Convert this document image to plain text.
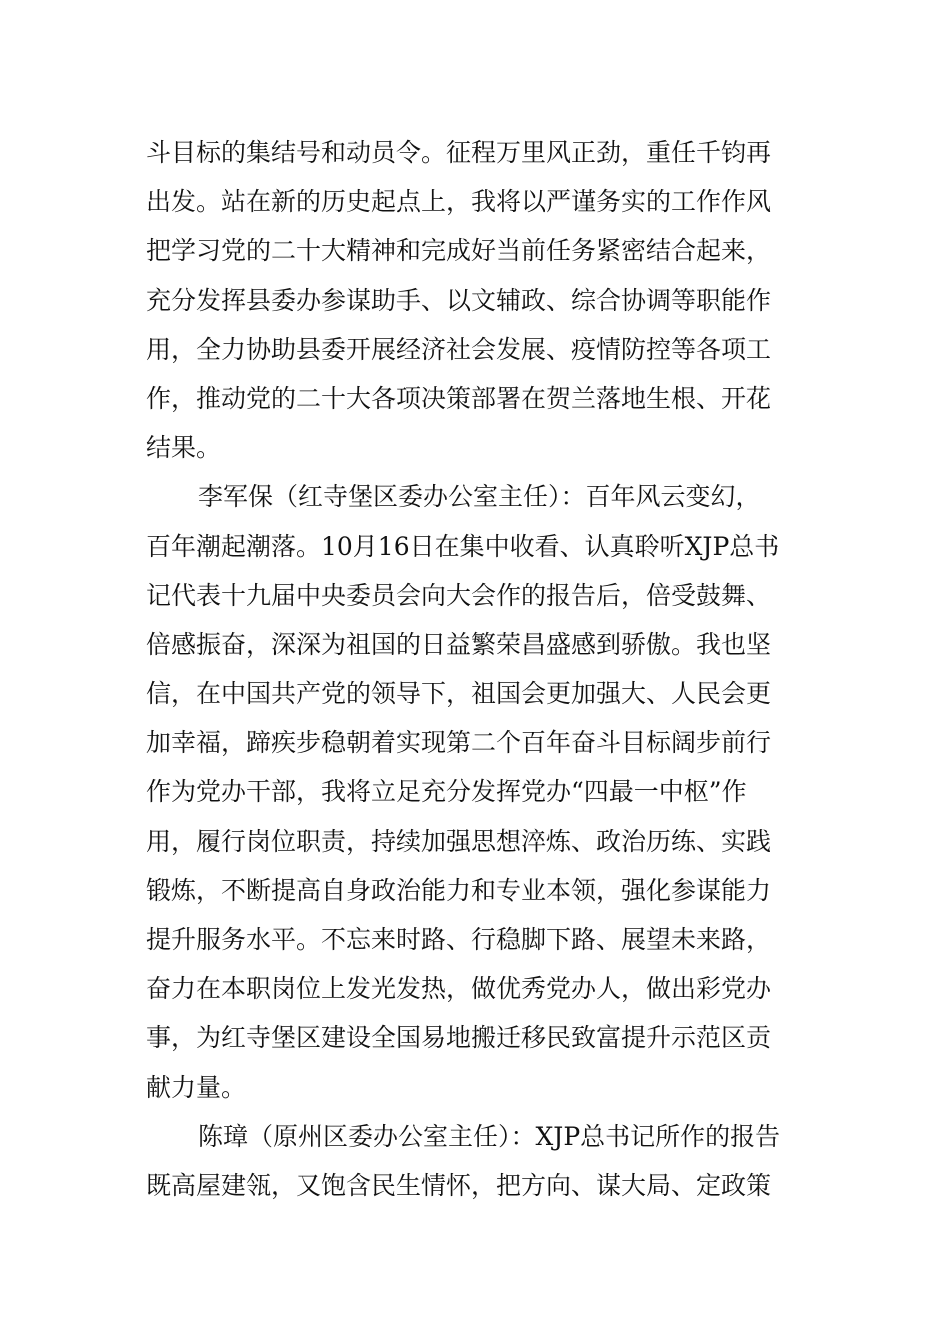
斗目标的集结号和动员令。征程万里风正劲，重任千钧再

出发。站在新的历史起点上，我将以严谨务实的工作作风

把学习党的二十大精神和完成好当前任务紧密结合起来，

充分发挥县委办参谋助手、以文辅政、综合协调等职能作

用，全力协助县委开展经济社会发展、疫情防控等各项工

作，推动党的二十大各项决策部署在贺兰落地生根、开花

结果。

李军保（红寺堡区委办公室主任）：百年风云变幻，

百年潮起潮落。10月16日在集中收看、认真聆听XJP总书

记代表十九届中央委员会向大会作的报告后，倍受鼓舞、

倍感振奋，深深为祖国的日益繁荣昌盛感到骄傲。我也坚

信，在中国共产党的领导下，祖国会更加强大、人民会更

加幸福，蹄疾步稳朝着实现第二个百年奋斗目标阔步前行

作为党办干部，我将立足充分发挥党办“四最一中枢”作

用，履行岗位职责，持续加强思想淬炼、政治历练、实践

锻炼，不断提高自身政治能力和专业本领，强化参谋能力

提升服务水平。不忘来时路、行稳脚下路、展望未来路，

奋力在本职岗位上发光发热，做优秀党办人，做出彩党办

事，为红寺堡区建设全国易地搬迁移民致富提升示范区贡

献力量。

陈璋（原州区委办公室主任）：XJP总书记所作的报告

既高屋建瓴，又饱含民生情怀，把方向、谋大局、定政策
